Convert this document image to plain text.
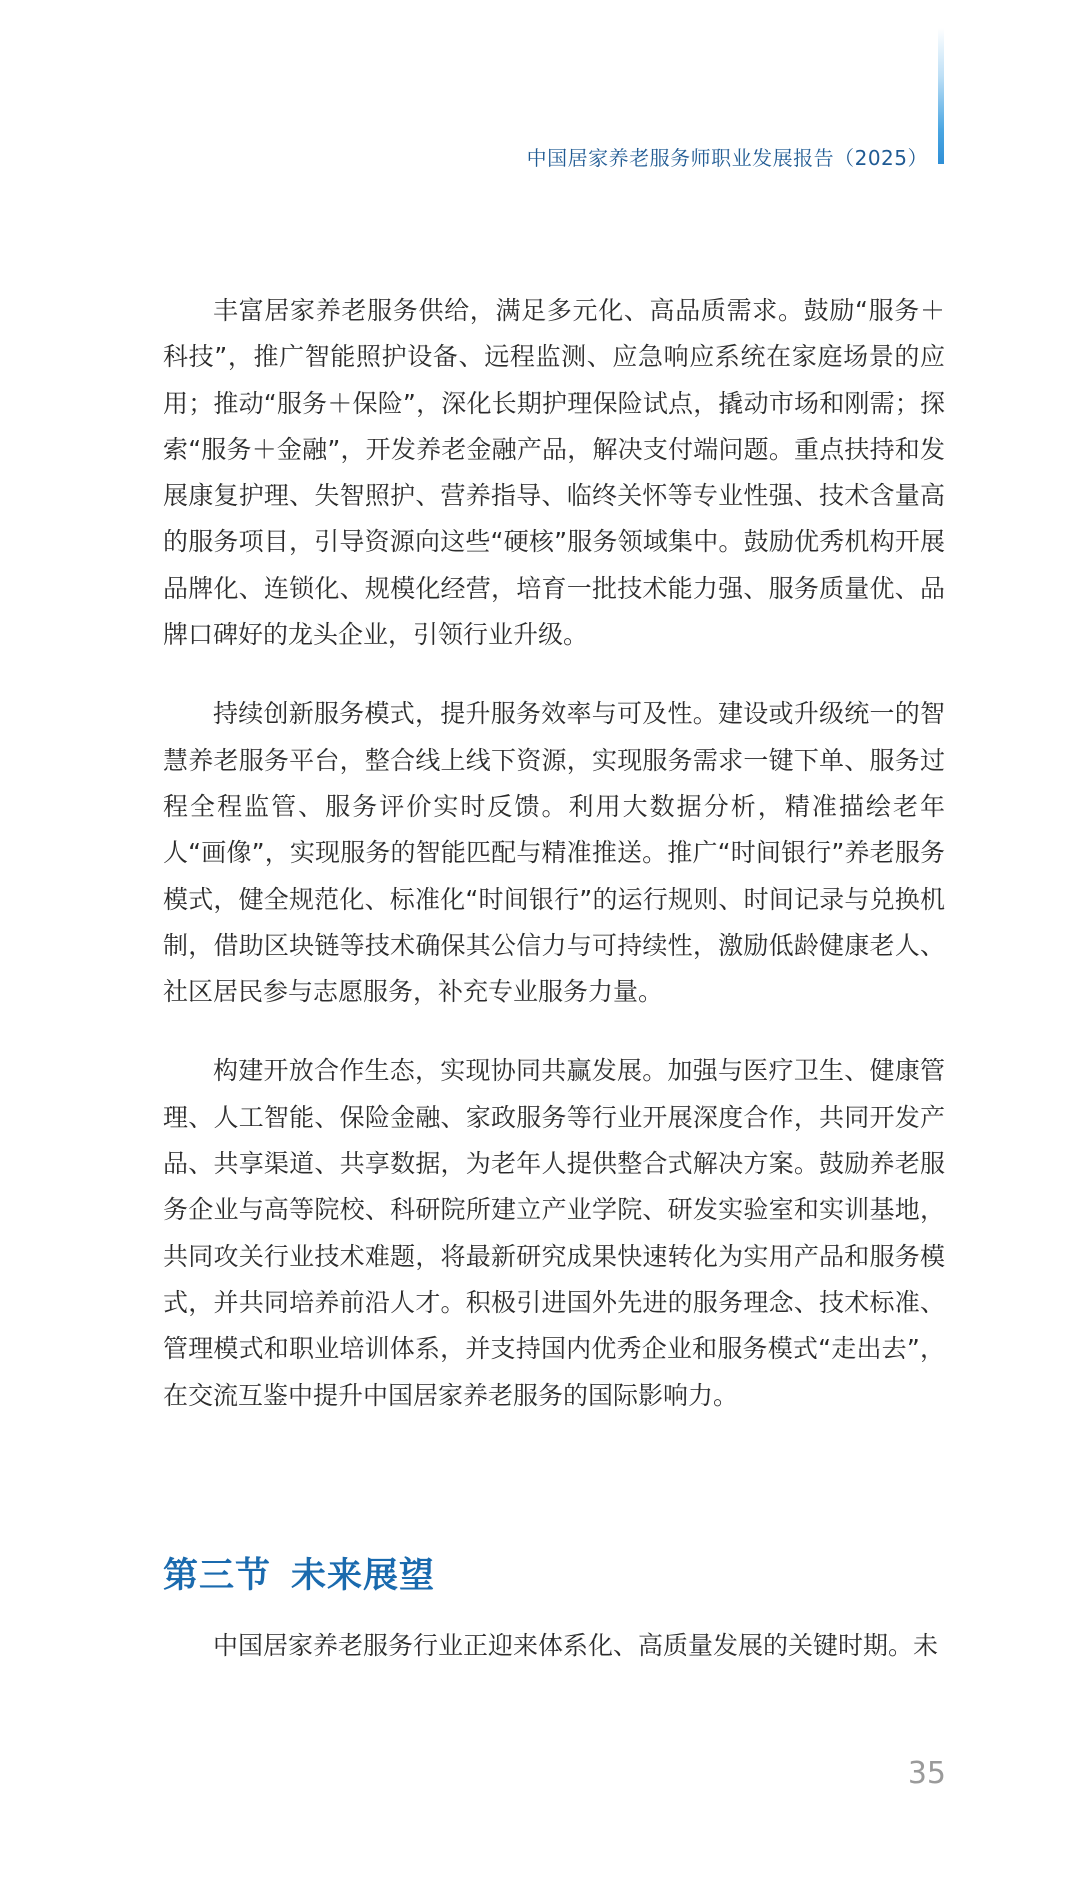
中国居家养老服务师职业发展报告（2025）

丰富居家养老服务供给，满足多元化、高品质需求。鼓励“服务＋科技”，推广智能照护设备、远程监测、应急响应系统在家庭场景的应用；推动“服务＋保险”，深化长期护理保险试点，撬动市场和刚需；探索“服务＋金融”，开发养老金融产品，解决支付端问题。重点扶持和发展康复护理、失智照护、营养指导、临终关怀等专业性强、技术含量高的服务项目，引导资源向这些“硬核”服务领域集中。鼓励优秀机构开展品牌化、连锁化、规模化经营，培育一批技术能力强、服务质量优、品牌口碑好的龙头企业，引领行业升级。

持续创新服务模式，提升服务效率与可及性。建设或升级统一的智慧养老服务平台，整合线上线下资源，实现服务需求一键下单、服务过程全程监管、服务评价实时反馈。利用大数据分析，精准描绘老年人“画像”，实现服务的智能匹配与精准推送。推广“时间银行”养老服务模式，健全规范化、标准化“时间银行”的运行规则、时间记录与兑换机制，借助区块链等技术确保其公信力与可持续性，激励低龄健康老人、社区居民参与志愿服务，补充专业服务力量。

构建开放合作生态，实现协同共赢发展。加强与医疗卫生、健康管理、人工智能、保险金融、家政服务等行业开展深度合作，共同开发产品、共享渠道、共享数据，为老年人提供整合式解决方案。鼓励养老服务企业与高等院校、科研院所建立产业学院、研发实验室和实训基地，共同攻关行业技术难题，将最新研究成果快速转化为实用产品和服务模式，并共同培养前沿人才。积极引进国外先进的服务理念、技术标准、管理模式和职业培训体系，并支持国内优秀企业和服务模式“走出去”，在交流互鉴中提升中国居家养老服务的国际影响力。

第三节 未来展望

中国居家养老服务行业正迎来体系化、高质量发展的关键时期。未

35
